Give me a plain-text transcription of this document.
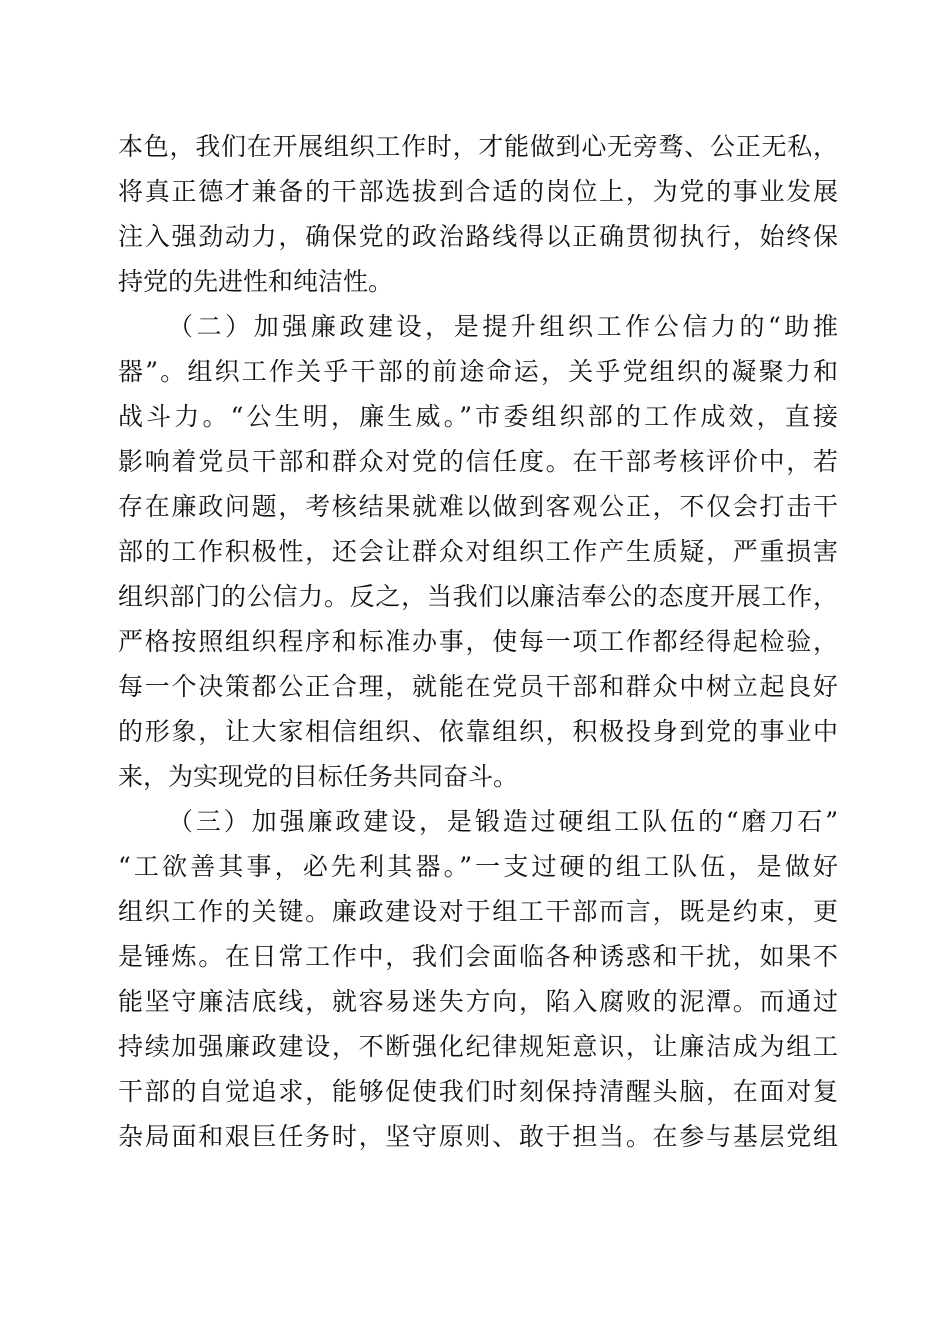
本色，我们在开展组织工作时，才能做到心无旁骛、公正无私，
将真正德才兼备的干部选拔到合适的岗位上，为党的事业发展
注入强劲动力，确保党的政治路线得以正确贯彻执行，始终保
持党的先进性和纯洁性。
（二）加强廉政建设，是提升组织工作公信力的“助推
器”。组织工作关乎干部的前途命运，关乎党组织的凝聚力和
战斗力。“公生明，廉生威。”市委组织部的工作成效，直接
影响着党员干部和群众对党的信任度。在干部考核评价中，若
存在廉政问题，考核结果就难以做到客观公正，不仅会打击干
部的工作积极性，还会让群众对组织工作产生质疑，严重损害
组织部门的公信力。反之，当我们以廉洁奉公的态度开展工作，
严格按照组织程序和标准办事，使每一项工作都经得起检验，
每一个决策都公正合理，就能在党员干部和群众中树立起良好
的形象，让大家相信组织、依靠组织，积极投身到党的事业中
来，为实现党的目标任务共同奋斗。
（三）加强廉政建设，是锻造过硬组工队伍的“磨刀石”
“工欲善其事，必先利其器。”一支过硬的组工队伍，是做好
组织工作的关键。廉政建设对于组工干部而言，既是约束，更
是锤炼。在日常工作中，我们会面临各种诱惑和干扰，如果不
能坚守廉洁底线，就容易迷失方向，陷入腐败的泥潭。而通过
持续加强廉政建设，不断强化纪律规矩意识，让廉洁成为组工
干部的自觉追求，能够促使我们时刻保持清醒头脑，在面对复
杂局面和艰巨任务时，坚守原则、敢于担当。在参与基层党组
